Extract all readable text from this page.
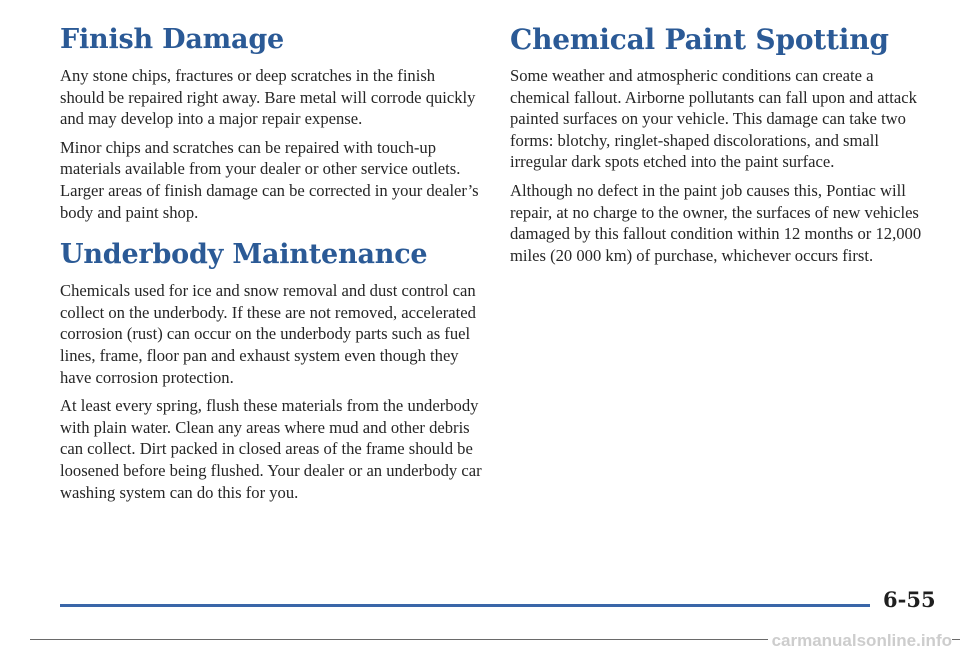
Finish Damage

Any stone chips, fractures or deep scratches in the finish should be repaired right away. Bare metal will corrode quickly and may develop into a major repair expense.

Minor chips and scratches can be repaired with touch-up materials available from your dealer or other service outlets. Larger areas of finish damage can be corrected in your dealer’s body and paint shop.

Underbody Maintenance

Chemicals used for ice and snow removal and dust control can collect on the underbody. If these are not removed, accelerated corrosion (rust) can occur on the underbody parts such as fuel lines, frame, floor pan and exhaust system even though they have corrosion protection.

At least every spring, flush these materials from the underbody with plain water. Clean any areas where mud and other debris can collect. Dirt packed in closed areas of the frame should be loosened before being flushed. Your dealer or an underbody car washing system can do this for you.

Chemical Paint Spotting

Some weather and atmospheric conditions can create a chemical fallout. Airborne pollutants can fall upon and attack painted surfaces on your vehicle. This damage can take two forms: blotchy, ringlet-shaped discolorations, and small irregular dark spots etched into the paint surface.

Although no defect in the paint job causes this, Pontiac will repair, at no charge to the owner, the surfaces of new vehicles damaged by this fallout condition within 12 months or 12,000 miles (20 000 km) of purchase, whichever occurs first.

6-55
carmanualsonline.info
